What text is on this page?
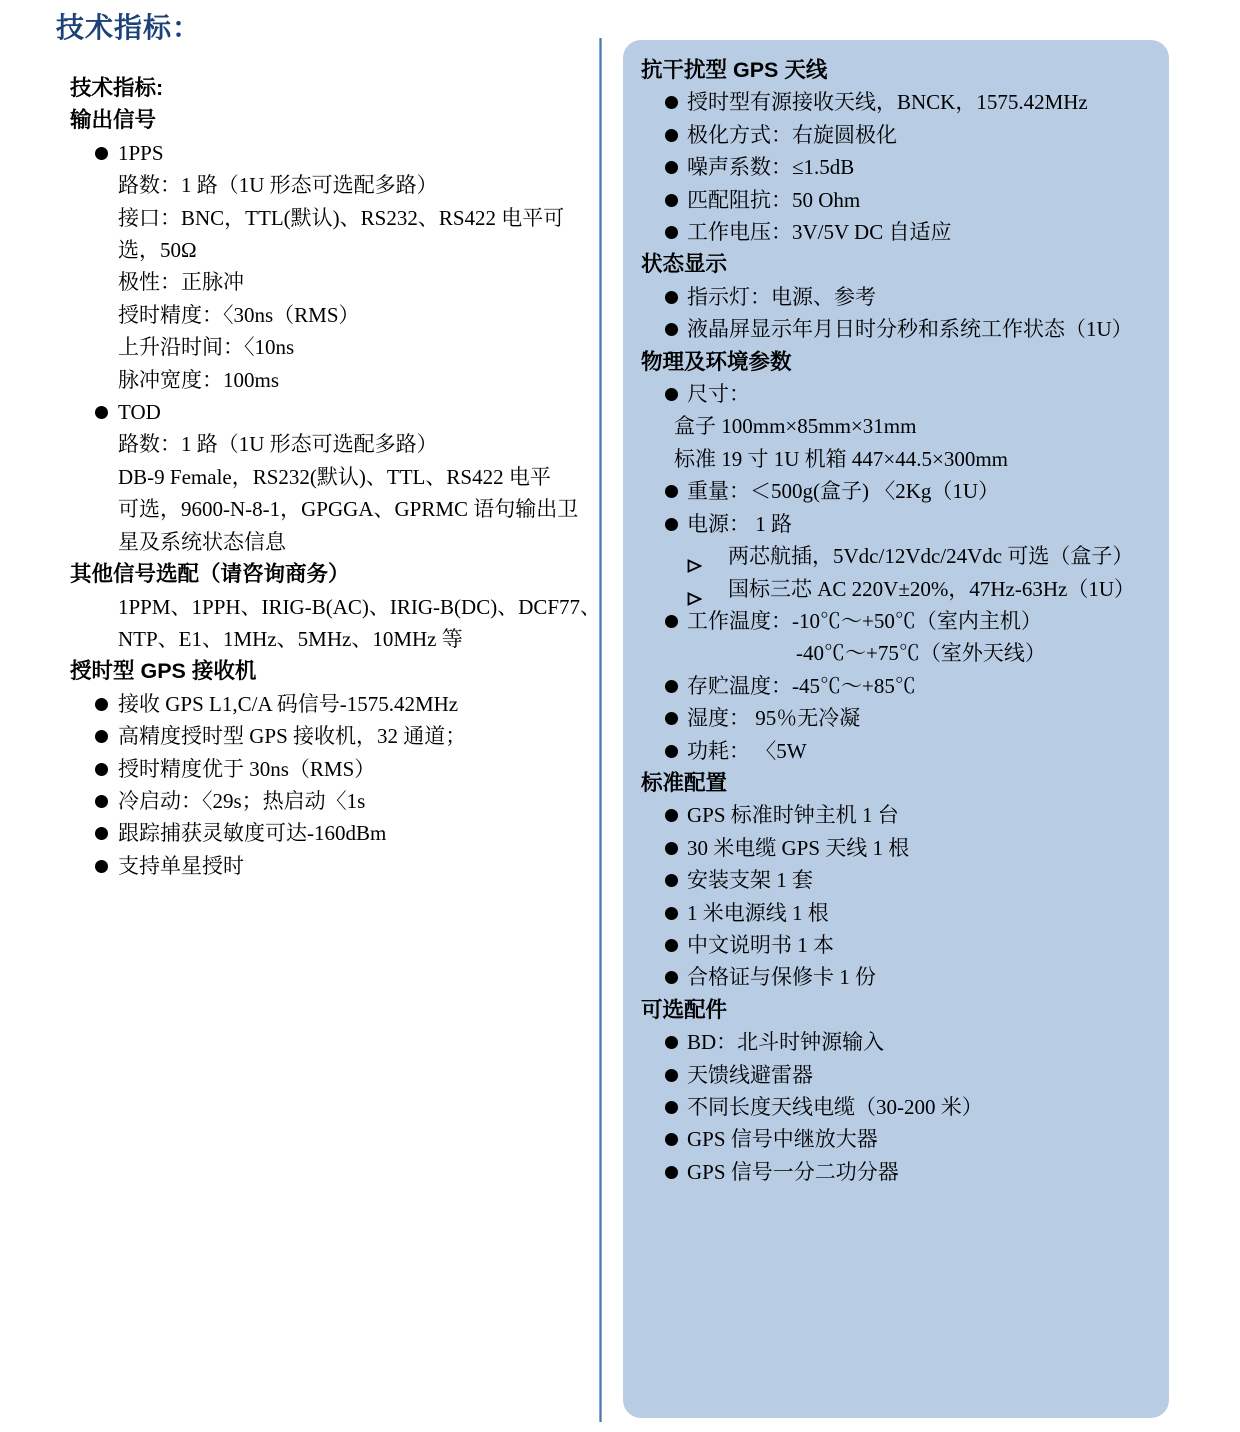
技术指标：
技术指标:
输出信号
1PPS
路数：1 路（1U 形态可选配多路）
接口：BNC，TTL(默认)、RS232、RS422 电平可
选，50Ω
极性：正脉冲
授时精度：〈30ns（RMS）
上升沿时间：〈10ns
脉冲宽度：100ms
TOD
路数：1 路（1U 形态可选配多路）
DB-9 Female，RS232(默认)、TTL、RS422 电平
可选，9600-N-8-1，GPGGA、GPRMC 语句输出卫
星及系统状态信息
其他信号选配（请咨询商务）
1PPM、1PPH、IRIG-B(AC)、IRIG-B(DC)、DCF77、
NTP、E1、1MHz、5MHz、10MHz 等
授时型 GPS 接收机
接收 GPS L1,C/A 码信号-1575.42MHz
高精度授时型 GPS 接收机，32 通道；
授时精度优于 30ns（RMS）
冷启动：〈29s；热启动〈1s
跟踪捕获灵敏度可达-160dBm
支持单星授时
抗干扰型 GPS 天线
授时型有源接收天线，BNCK，1575.42MHz
极化方式：右旋圆极化
噪声系数：≤1.5dB
匹配阻抗：50 Ohm
工作电压：3V/5V DC 自适应
状态显示
指示灯：电源、参考
液晶屏显示年月日时分秒和系统工作状态（1U）
物理及环境参数
尺寸：
盒子 100mm×85mm×31mm
标准 19 寸 1U 机箱 447×44.5×300mm
重量：＜500g(盒子) 〈2Kg（1U）
电源： 1 路
两芯航插，5Vdc/12Vdc/24Vdc 可选（盒子）
国标三芯 AC 220V±20%，47Hz-63Hz（1U）
工作温度：-10℃～+50℃（室内主机）
-40℃～+75℃（室外天线）
存贮温度：-45℃～+85℃
湿度： 95％无冷凝
功耗： 〈5W
标准配置
GPS 标准时钟主机 1 台
30 米电缆 GPS 天线 1 根
安装支架 1 套
1 米电源线 1 根
中文说明书 1 本
合格证与保修卡 1 份
可选配件
BD：北斗时钟源输入
天馈线避雷器
不同长度天线电缆（30-200 米）
GPS 信号中继放大器
GPS 信号一分二功分器
